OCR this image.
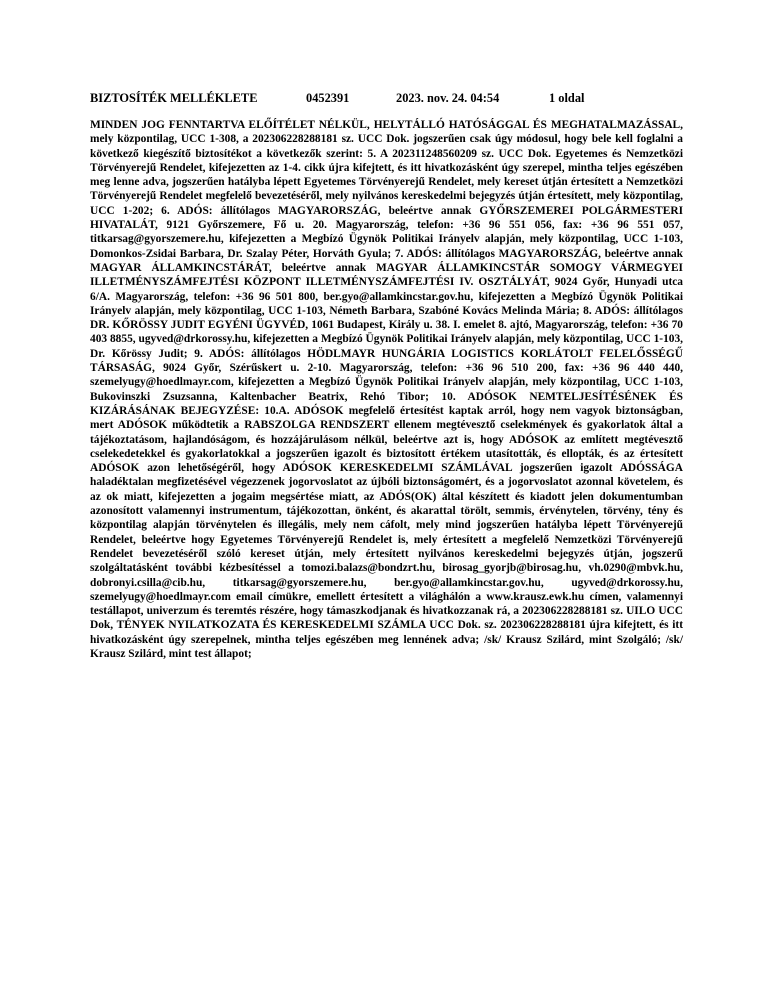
BIZTOSÍTÉK MELLÉKLETE	0452391	2023. nov. 24. 04:54	1 oldal

MINDEN JOG FENNTARTVA ELŐÍTÉLET NÉLKÜL, HELYTÁLLÓ HATÓSÁGGAL ÉS MEGHATALMAZÁSSAL, mely központilag, UCC 1-308, a 202306228288181 sz. UCC Dok. jogszerűen csak úgy módosul, hogy bele kell foglalni a következő kiegészítő biztosítékot a következők szerint: 5. A 202311248560209 sz. UCC Dok. Egyetemes és Nemzetközi Törvényerejű Rendelet, kifejezetten az 1-4. cikk újra kifejtett, és itt hivatkozásként úgy szerepel, mintha teljes egészében meg lenne adva, jogszerűen hatályba lépett Egyetemes Törvényerejű Rendelet, mely kereset útján értesített a Nemzetközi Törvényerejű Rendelet megfelelő bevezetéséről, mely nyilvános kereskedelmi bejegyzés útján értesített, mely központilag, UCC 1-202; 6. ADÓS: állítólagos MAGYARORSZÁG, beleértve annak GYŐRSZEMEREI POLGÁRMESTERI HIVATALÁT, 9121 Győrszemere, Fő u. 20. Magyarország, telefon: +36 96 551 056, fax: +36 96 551 057, titkarsag@gyorszemere.hu, kifejezetten a Megbízó Ügynök Politikai Irányelv alapján, mely központilag, UCC 1-103, Domonkos-Zsidai Barbara, Dr. Szalay Péter, Horváth Gyula; 7. ADÓS: állítólagos MAGYARORSZÁG, beleértve annak MAGYAR ÁLLAMKINCSTÁRÁT, beleértve annak MAGYAR ÁLLAMKINCSTÁR SOMOGY VÁRMEGYEI ILLETMÉNYSZÁMFEJTÉSI KÖZPONT ILLETMÉNYSZÁMFEJTÉSI IV. OSZTÁLYÁT, 9024 Győr, Hunyadi utca 6/A. Magyarország, telefon: +36 96 501 800, ber.gyo@allamkincstar.gov.hu, kifejezetten a Megbízó Ügynök Politikai Irányelv alapján, mely központilag, UCC 1-103, Németh Barbara, Szabóné Kovács Melinda Mária; 8. ADÓS: állítólagos DR. KŐRÖSSY JUDIT EGYÉNI ÜGYVÉD, 1061 Budapest, Király u. 38. I. emelet 8. ajtó, Magyarország, telefon: +36 70 403 8855, ugyved@drkorossy.hu, kifejezetten a Megbízó Ügynök Politikai Irányelv alapján, mely központilag, UCC 1-103, Dr. Kőrössy Judit; 9. ADÓS: állítólagos HÖDLMAYR HUNGÁRIA LOGISTICS KORLÁTOLT FELELŐSSÉGŰ TÁRSASÁG, 9024 Győr, Szérűskert u. 2-10. Magyarország, telefon: +36 96 510 200, fax: +36 96 440 440, szemelyugy@hoedlmayr.com, kifejezetten a Megbízó Ügynök Politikai Irányelv alapján, mely központilag, UCC 1-103, Bukovinszki Zsuzsanna, Kaltenbacher Beatrix, Rehó Tibor; 10. ADÓSOK NEMTELJESÍTÉSÉNEK ÉS KIZÁRÁSÁNAK BEJEGYZÉSE: 10.A. ADÓSOK megfelelő értesítést kaptak arról, hogy nem vagyok biztonságban, mert ADÓSOK működtetik a RABSZOLGA RENDSZERT ellenem megtévesztő cselekmények és gyakorlatok által a tájékoztatásom, hajlandóságom, és hozzájárulásom nélkül, beleértve azt is, hogy ADÓSOK az említett megtévesztő cselekedetekkel és gyakorlatokkal a jogszerűen igazolt és biztosított értékem utasították, és ellopták, és az értesített ADÓSOK azon lehetőségéről, hogy ADÓSOK KERESKEDELMI SZÁMLÁVAL jogszerűen igazolt ADÓSSÁGA haladéktalan megfizetésével végezzenek jogorvoslatot az újbóli biztonságomért, és a jogorvoslatot azonnal követelem, és az ok miatt, kifejezetten a jogaim megsértése miatt, az ADÓS(OK) által készített és kiadott jelen dokumentumban azonosított valamennyi instrumentum, tájékozottan, önként, és akarattal törölt, semmis, érvénytelen, törvény, tény és központilag alapján törvénytelen és illegális, mely nem cáfolt, mely mind jogszerűen hatályba lépett Törvényerejű Rendelet, beleértve hogy Egyetemes Törvényerejű Rendelet is, mely értesített a megfelelő Nemzetközi Törvényerejű Rendelet bevezetéséről szóló kereset útján, mely értesített nyilvános kereskedelmi bejegyzés útján, jogszerű szolgáltatásként további kézbesítéssel a tomozi.balazs@bondzrt.hu, birosag_gyorjb@birosag.hu, vh.0290@mbvk.hu, dobronyi.csilla@cib.hu, titkarsag@gyorszemere.hu, ber.gyo@allamkincstar.gov.hu, ugyved@drkorossy.hu, szemelyugy@hoedlmayr.com email címükre, emellett értesített a világhálón a www.krausz.ewk.hu címen, valamennyi testállapot, univerzum és teremtés részére, hogy támaszkodjanak és hivatkozzanak rá, a 202306228288181 sz. UILO UCC Dok, TÉNYEK NYILATKOZATA ÉS KERESKEDELMI SZÁMLA UCC Dok. sz. 202306228288181 újra kifejtett, és itt hivatkozásként úgy szerepelnek, mintha teljes egészében meg lennének adva; /sk/ Krausz Szilárd, mint Szolgáló; /sk/ Krausz Szilárd, mint test állapot;
